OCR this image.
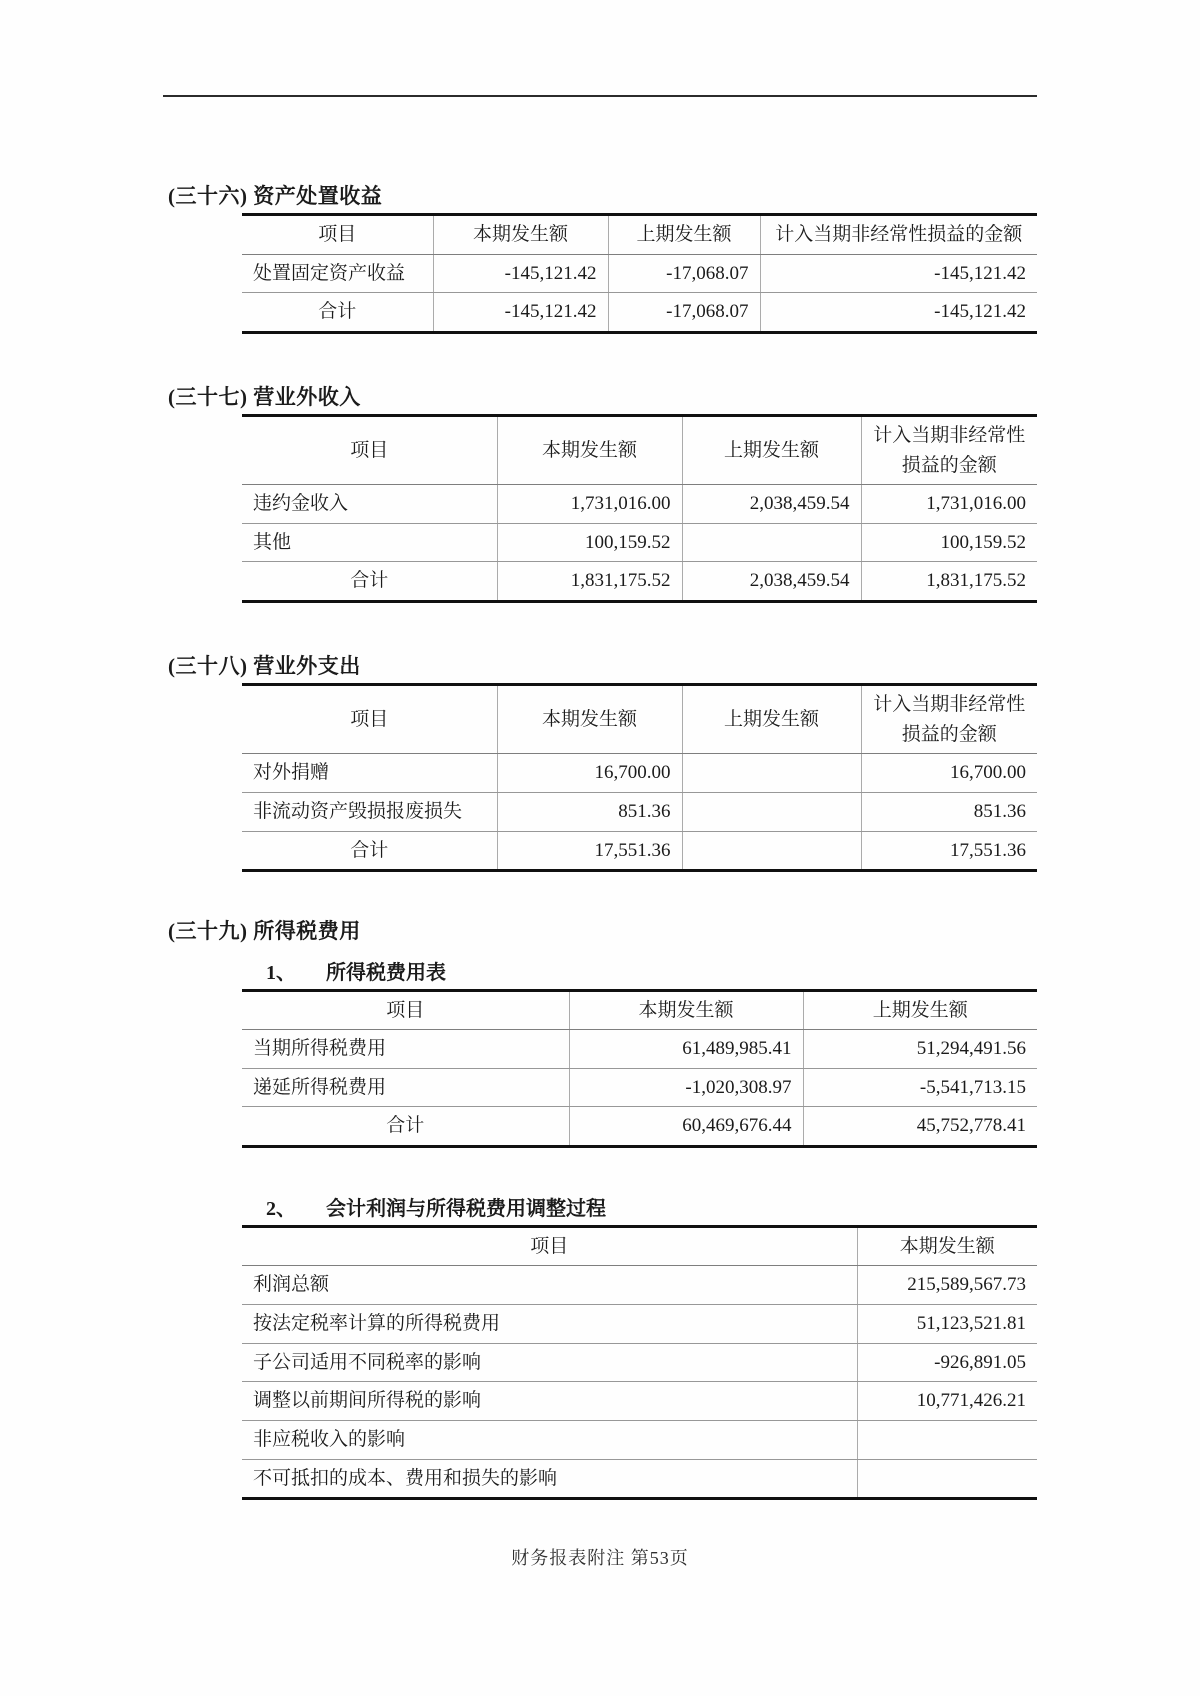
(三十六) 资产处置收益
项目	本期发生额	上期发生额	计入当期非经常性损益的金额
处置固定资产收益	-145,121.42	-17,068.07	-145,121.42
合计	-145,121.42	-17,068.07	-145,121.42
(三十七) 营业外收入
项目	本期发生额	上期发生额	计入当期非经常性损益的金额
违约金收入	1,731,016.00	2,038,459.54	1,731,016.00
其他	100,159.52		100,159.52
合计	1,831,175.52	2,038,459.54	1,831,175.52
(三十八) 营业外支出
项目	本期发生额	上期发生额	计入当期非经常性损益的金额
对外捐赠	16,700.00		16,700.00
非流动资产毁损报废损失	851.36		851.36
合计	17,551.36		17,551.36
(三十九) 所得税费用
1、 所得税费用表
项目	本期发生额	上期发生额
当期所得税费用	61,489,985.41	51,294,491.56
递延所得税费用	-1,020,308.97	-5,541,713.15
合计	60,469,676.44	45,752,778.41
2、 会计利润与所得税费用调整过程
项目	本期发生额
利润总额	215,589,567.73
按法定税率计算的所得税费用	51,123,521.81
子公司适用不同税率的影响	-926,891.05
调整以前期间所得税的影响	10,771,426.21
非应税收入的影响	
不可抵扣的成本、费用和损失的影响	
财务报表附注 第53页
